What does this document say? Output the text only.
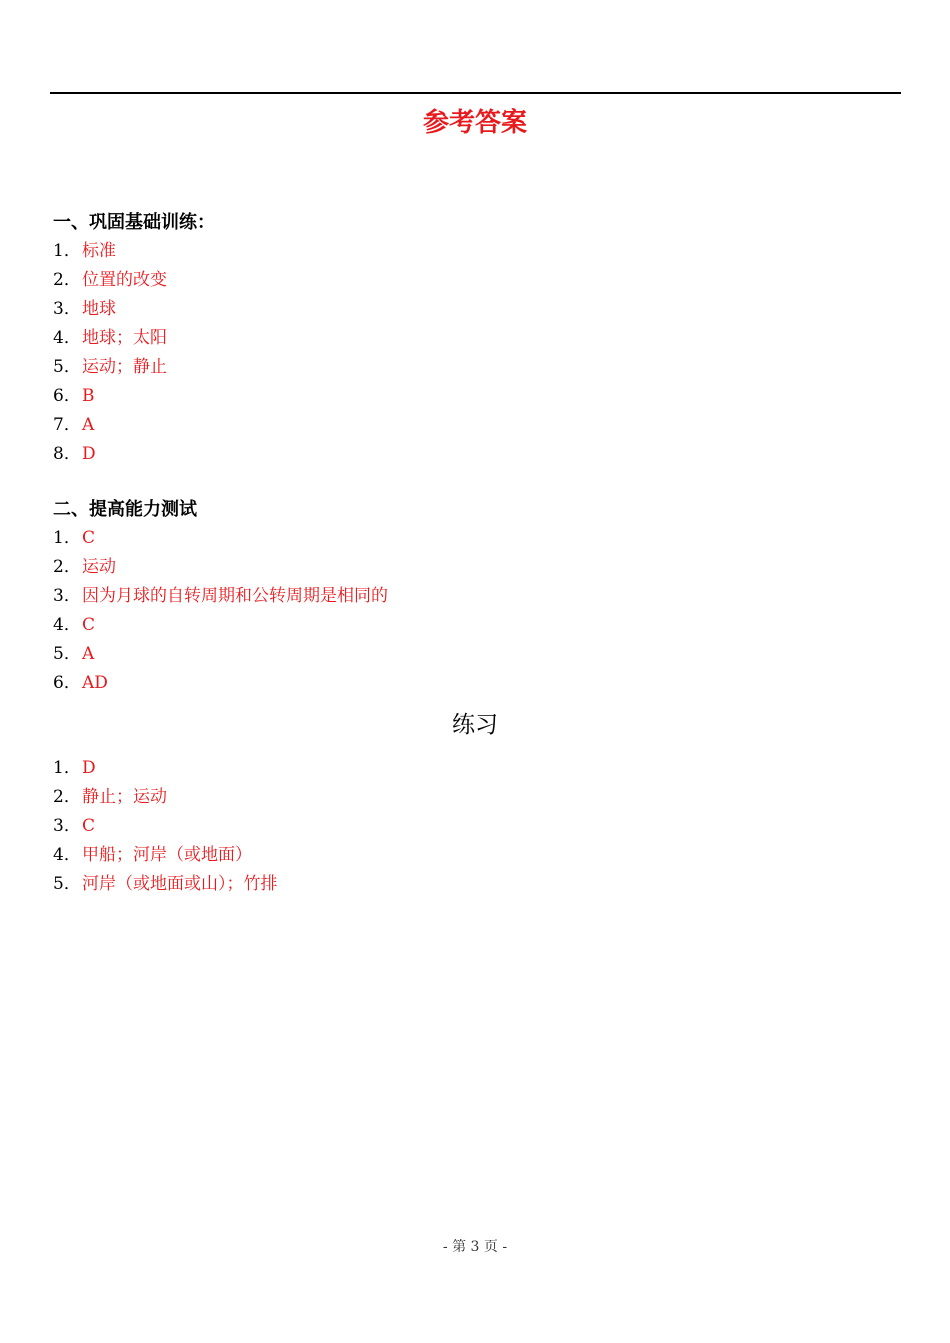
参考答案
一、巩固基础训练：
1．标准
2．位置的改变
3．地球
4．地球；太阳
5．运动；静止
6．B
7．A
8．D
二、提高能力测试
1．C
2．运动
3．因为月球的自转周期和公转周期是相同的
4．C
5．A
6．AD
练习
1．D
2．静止；运动
3．C
4．甲船；河岸（或地面）
5．河岸（或地面或山）；竹排
- 第 3 页 -
